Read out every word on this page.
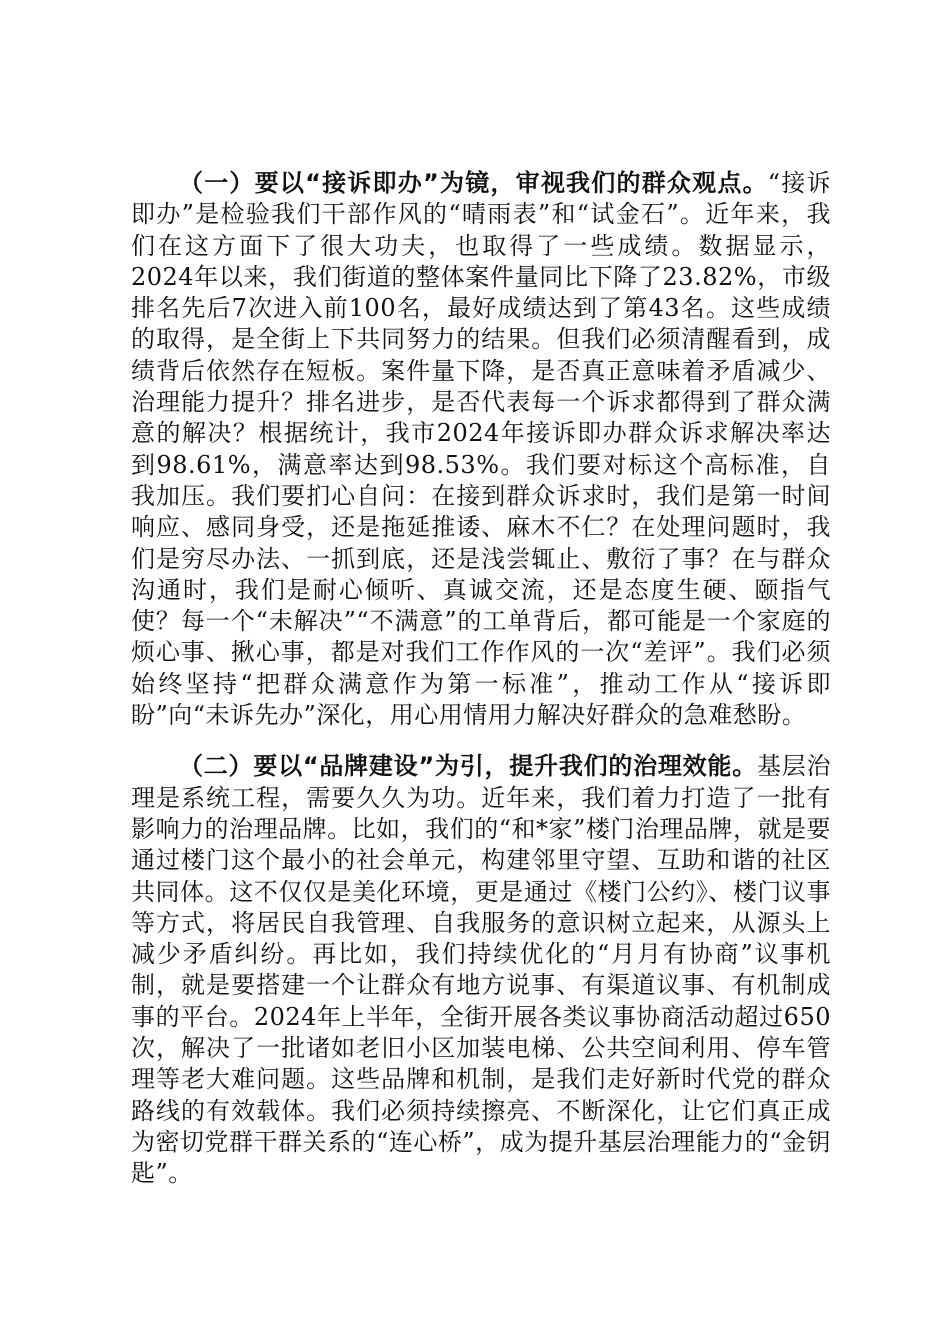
（一）要以“接诉即办”为镜，审视我们的群众观点。“接诉即办”是检验我们干部作风的“晴雨表”和“试金石”。近年来，我们在这方面下了很大功夫，也取得了一些成绩。数据显示，2024年以来，我们街道的整体案件量同比下降了23.82%，市级排名先后7次进入前100名，最好成绩达到了第43名。这些成绩的取得，是全街上下共同努力的结果。但我们必须清醒看到，成绩背后依然存在短板。案件量下降，是否真正意味着矛盾减少、治理能力提升？排名进步，是否代表每一个诉求都得到了群众满意的解决？根据统计，我市2024年接诉即办群众诉求解决率达到98.61%，满意率达到98.53%。我们要对标这个高标准，自我加压。我们要扪心自问：在接到群众诉求时，我们是第一时间响应、感同身受，还是拖延推诿、麻木不仁？在处理问题时，我们是穷尽办法、一抓到底，还是浅尝辄止、敷衍了事？在与群众沟通时，我们是耐心倾听、真诚交流，还是态度生硬、颐指气使？每一个“未解决”“不满意”的工单背后，都可能是一个家庭的烦心事、揪心事，都是对我们工作作风的一次“差评”。我们必须始终坚持“把群众满意作为第一标准”，推动工作从“接诉即盼”向“未诉先办”深化，用心用情用力解决好群众的急难愁盼。

（二）要以“品牌建设”为引，提升我们的治理效能。基层治理是系统工程，需要久久为功。近年来，我们着力打造了一批有影响力的治理品牌。比如，我们的“和*家”楼门治理品牌，就是要通过楼门这个最小的社会单元，构建邻里守望、互助和谐的社区共同体。这不仅仅是美化环境，更是通过《楼门公约》、楼门议事等方式，将居民自我管理、自我服务的意识树立起来，从源头上减少矛盾纠纷。再比如，我们持续优化的“月月有协商”议事机制，就是要搭建一个让群众有地方说事、有渠道议事、有机制成事的平台。2024年上半年，全街开展各类议事协商活动超过650次，解决了一批诸如老旧小区加装电梯、公共空间利用、停车管理等老大难问题。这些品牌和机制，是我们走好新时代党的群众路线的有效载体。我们必须持续擦亮、不断深化，让它们真正成为密切党群干群关系的“连心桥”，成为提升基层治理能力的“金钥匙”。
